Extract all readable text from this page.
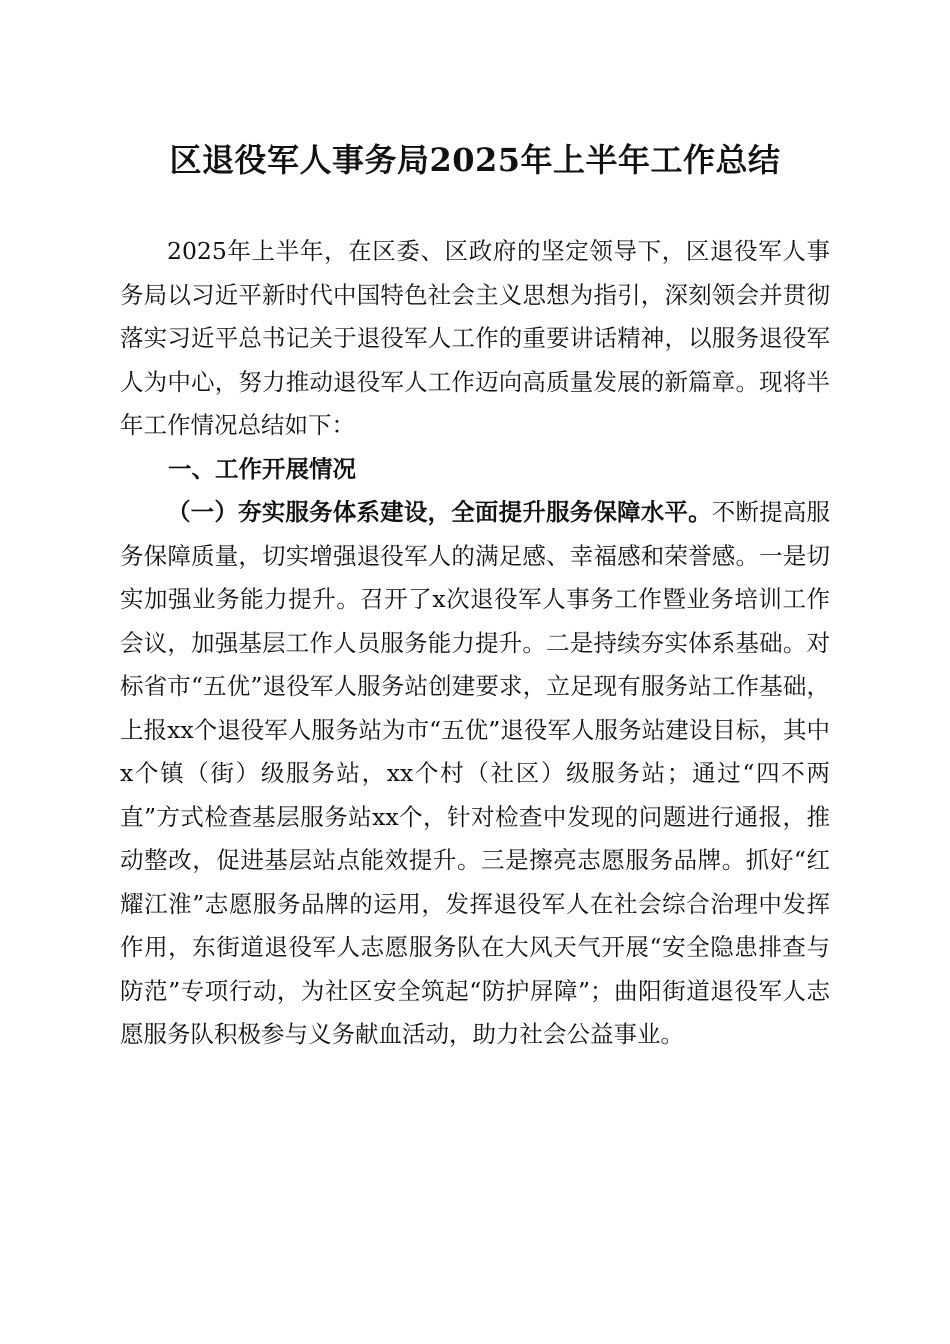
区退役军人事务局2025年上半年工作总结

2025年上半年，在区委、区政府的坚定领导下，区退役军人事务局以习近平新时代中国特色社会主义思想为指引，深刻领会并贯彻落实习近平总书记关于退役军人工作的重要讲话精神，以服务退役军人为中心，努力推动退役军人工作迈向高质量发展的新篇章。现将半年工作情况总结如下：

一、工作开展情况

（一）夯实服务体系建设，全面提升服务保障水平。不断提高服务保障质量，切实增强退役军人的满足感、幸福感和荣誉感。一是切实加强业务能力提升。召开了x次退役军人事务工作暨业务培训工作会议，加强基层工作人员服务能力提升。二是持续夯实体系基础。对标省市“五优”退役军人服务站创建要求，立足现有服务站工作基础，上报xx个退役军人服务站为市“五优”退役军人服务站建设目标，其中x个镇（街）级服务站，xx个村（社区）级服务站；通过“四不两直”方式检查基层服务站xx个，针对检查中发现的问题进行通报，推动整改，促进基层站点能效提升。三是擦亮志愿服务品牌。抓好“红耀江淮”志愿服务品牌的运用，发挥退役军人在社会综合治理中发挥作用，东街道退役军人志愿服务队在大风天气开展“安全隐患排查与防范”专项行动，为社区安全筑起“防护屏障”；曲阳街道退役军人志愿服务队积极参与义务献血活动，助力社会公益事业。
